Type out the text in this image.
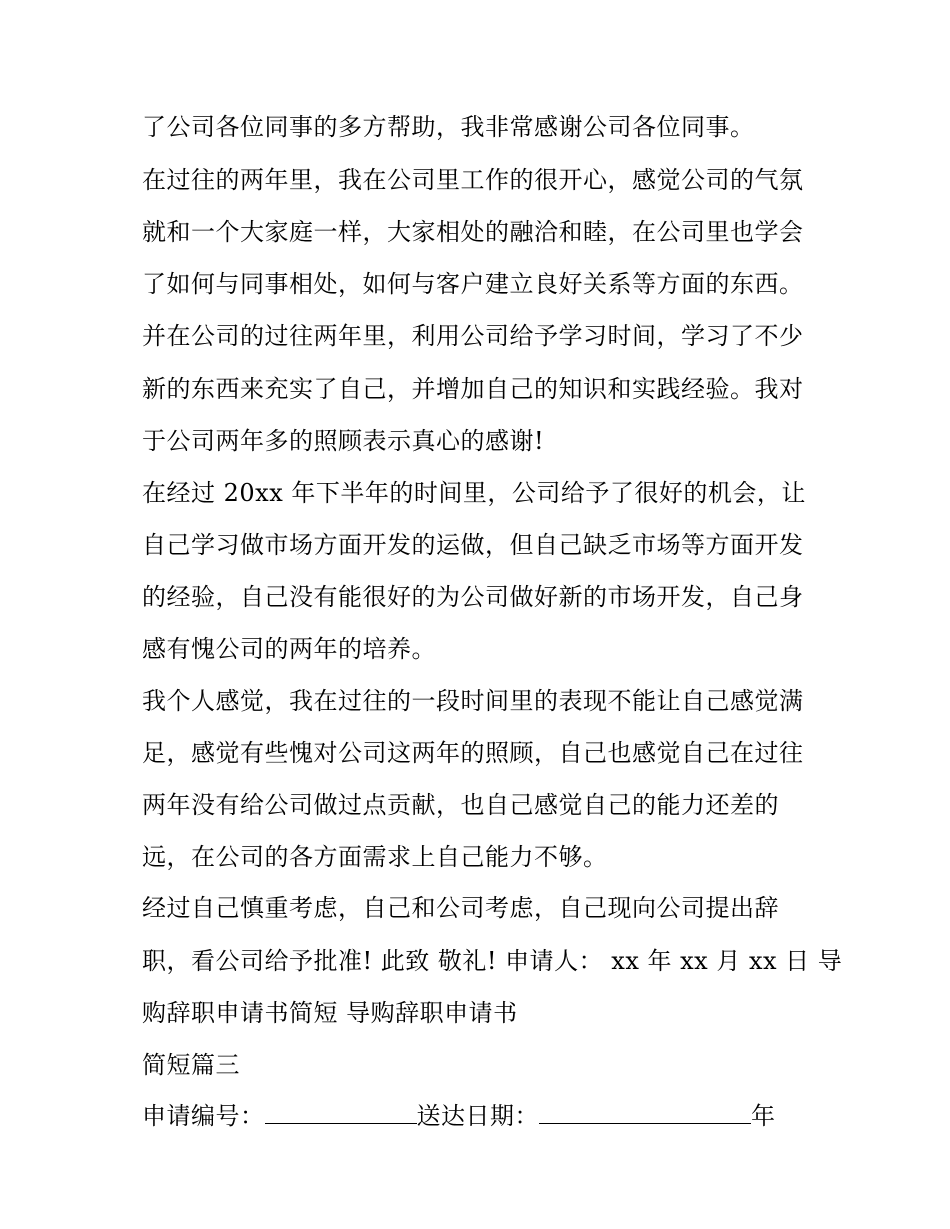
了公司各位同事的多方帮助，我非常感谢公司各位同事。
在过往的两年里，我在公司里工作的很开心，感觉公司的气氛
就和一个大家庭一样，大家相处的融洽和睦，在公司里也学会
了如何与同事相处，如何与客户建立良好关系等方面的东西。
并在公司的过往两年里，利用公司给予学习时间，学习了不少
新的东西来充实了自己，并增加自己的知识和实践经验。我对
于公司两年多的照顾表示真心的感谢!
在经过 20xx 年下半年的时间里，公司给予了很好的机会，让
自己学习做市场方面开发的运做，但自己缺乏市场等方面开发
的经验，自己没有能很好的为公司做好新的市场开发，自己身
感有愧公司的两年的培养。
我个人感觉，我在过往的一段时间里的表现不能让自己感觉满
足，感觉有些愧对公司这两年的照顾，自己也感觉自己在过往
两年没有给公司做过点贡献，也自己感觉自己的能力还差的
远，在公司的各方面需求上自己能力不够。
经过自己慎重考虑，自己和公司考虑，自己现向公司提出辞
职，看公司给予批准! 此致 敬礼! 申请人： xx 年 xx 月 xx 日 导
购辞职申请书简短 导购辞职申请书
简短篇三
申请编号：	送达日期：	年
